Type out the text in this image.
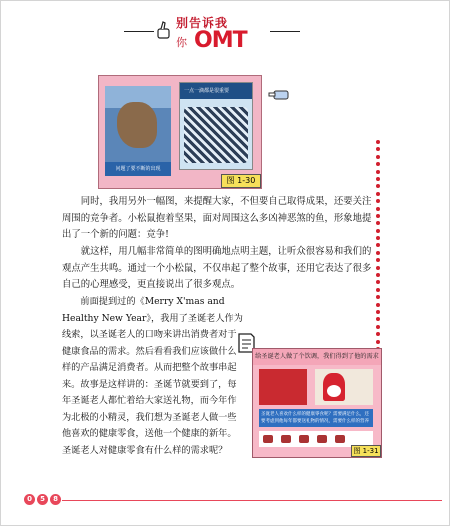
别告诉我
你 OMT
问题了要不断的出现
一点一滴都是很重要
图 1-30
同时，我用另外一幅图，来提醒大家，不但要自己取得成果，还要关注周围的竞争者。小松鼠抱着坚果，面对周围这么多凶神恶煞的鱼，形象地提出了一个新的问题：竞争!
就这样，用几幅非常简单的图明确地点明主题，让听众很容易和我们的观点产生共鸣。通过一个小松鼠，不仅串起了整个故事，还用它表达了很多自己的心理感受，更直接说出了很多观点。
前面提到过的《Merry X'mas and Healthy New Year》，我用了圣诞老人作为线索，以圣诞老人的口吻来讲出消费者对于健康食品的需求。然后看看我们应该做什么样的产品满足消费者。从而把整个故事串起来。故事是这样讲的：圣诞节就要到了，每年圣诞老人都忙着给大家送礼物，而今年作为北极的小精灵，我们想为圣诞老人做一些他喜欢的健康零食，送他一个健康的新年。圣诞老人对健康零食有什么样的需求呢？
给圣诞老人做了个饮调，我们得到了他的需求
圣诞老人喜欢什么样的健康零食呢？需要满足什么，还要考虑到他每年都要送礼物的情况，需要什么样的营养
图 1-31
0	5	8
